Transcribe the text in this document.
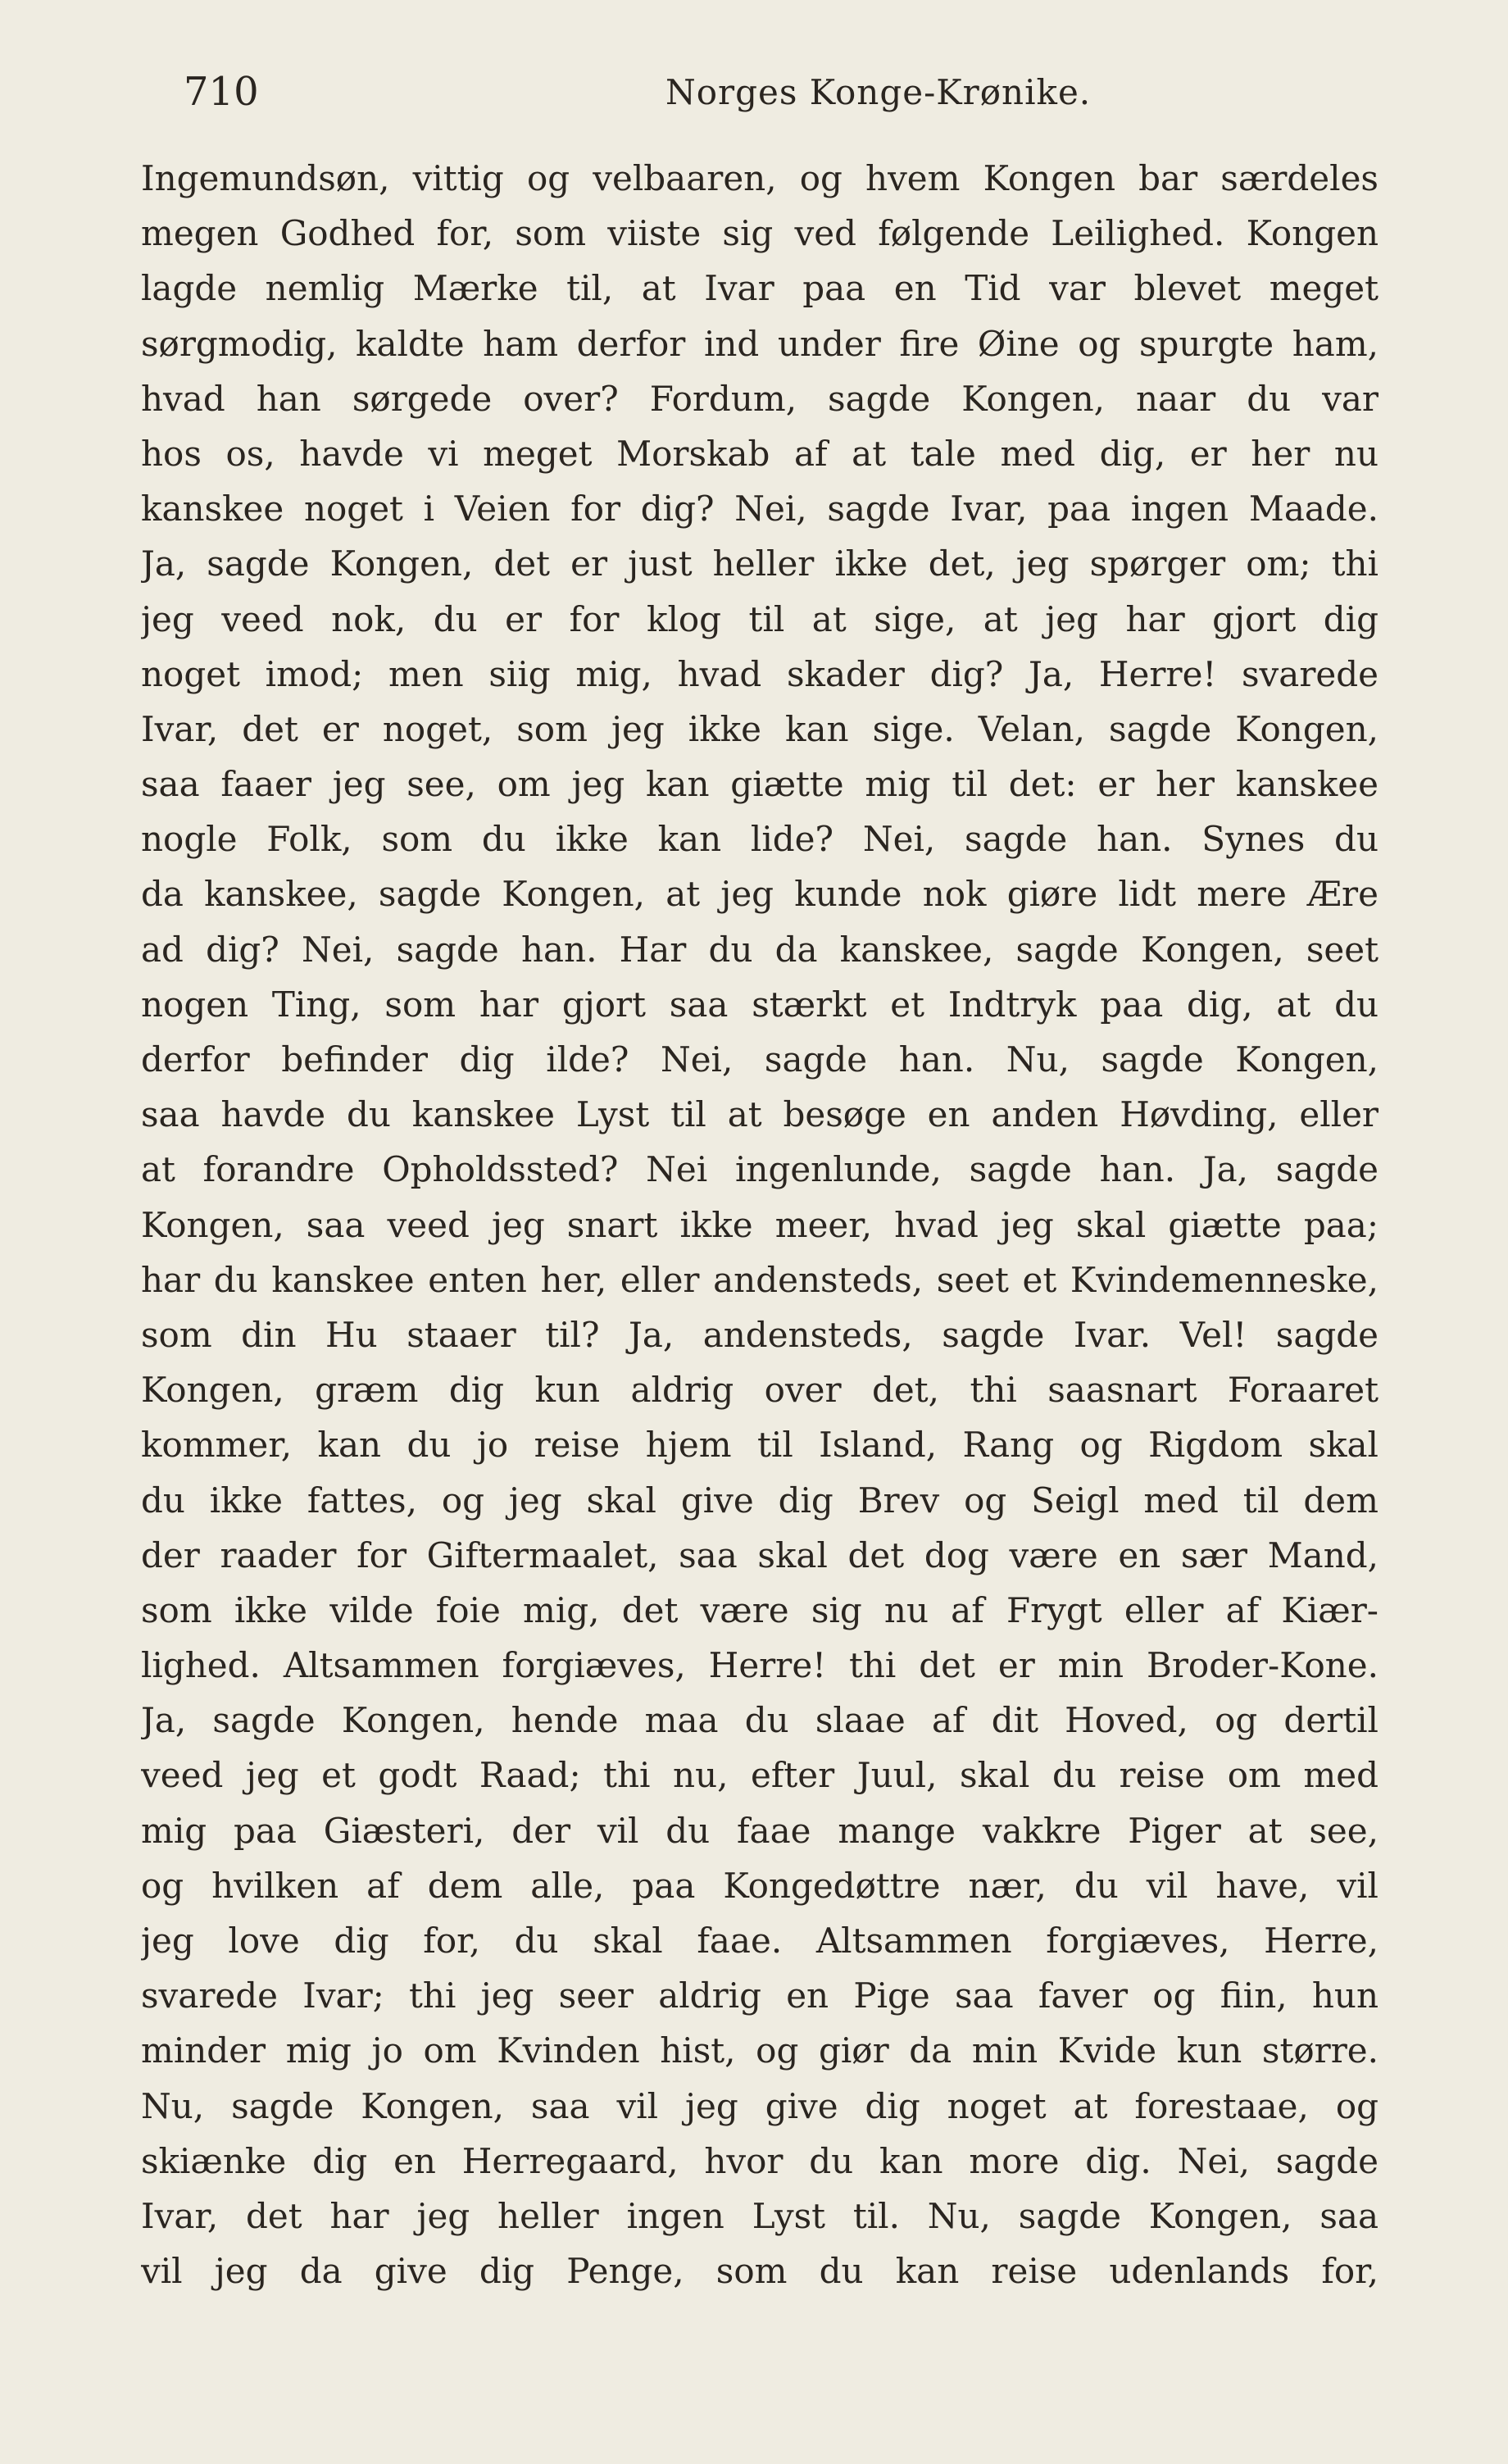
710	Norges Konge-Krønike.
Ingemundsøn, vittig og velbaaren, og hvem Kongen bar særdeles
megen Godhed for, som viiste sig ved følgende Leilighed. Kongen
lagde nemlig Mærke til, at Ivar paa en Tid var blevet meget
sørgmodig, kaldte ham derfor ind under fire Øine og spurgte ham,
hvad han sørgede over? Fordum, sagde Kongen, naar du var
hos os, havde vi meget Morskab af at tale med dig, er her nu
kanskee noget i Veien for dig? Nei, sagde Ivar, paa ingen Maade.
Ja, sagde Kongen, det er just heller ikke det, jeg spørger om; thi
jeg veed nok, du er for klog til at sige, at jeg har gjort dig
noget imod; men siig mig, hvad skader dig? Ja, Herre! svarede
Ivar, det er noget, som jeg ikke kan sige. Velan, sagde Kongen,
saa faaer jeg see, om jeg kan giætte mig til det: er her kanskee
nogle Folk, som du ikke kan lide? Nei, sagde han. Synes du
da kanskee, sagde Kongen, at jeg kunde nok giøre lidt mere Ære
ad dig? Nei, sagde han. Har du da kanskee, sagde Kongen, seet
nogen Ting, som har gjort saa stærkt et Indtryk paa dig, at du
derfor befinder dig ilde? Nei, sagde han. Nu, sagde Kongen,
saa havde du kanskee Lyst til at besøge en anden Høvding, eller
at forandre Opholdssted? Nei ingenlunde, sagde han. Ja, sagde
Kongen, saa veed jeg snart ikke meer, hvad jeg skal giætte paa;
har du kanskee enten her, eller andensteds, seet et Kvindemenneske,
som din Hu staaer til? Ja, andensteds, sagde Ivar. Vel! sagde
Kongen, græm dig kun aldrig over det, thi saasnart Foraaret
kommer, kan du jo reise hjem til Island, Rang og Rigdom skal
du ikke fattes, og jeg skal give dig Brev og Seigl med til dem
der raader for Giftermaalet, saa skal det dog være en sær Mand,
som ikke vilde foie mig, det være sig nu af Frygt eller af Kiær-
lighed. Altsammen forgiæves, Herre! thi det er min Broder-Kone.
Ja, sagde Kongen, hende maa du slaae af dit Hoved, og dertil
veed jeg et godt Raad; thi nu, efter Juul, skal du reise om med
mig paa Giæsteri, der vil du faae mange vakkre Piger at see,
og hvilken af dem alle, paa Kongedøttre nær, du vil have, vil
jeg love dig for, du skal faae. Altsammen forgiæves, Herre,
svarede Ivar; thi jeg seer aldrig en Pige saa faver og fiin, hun
minder mig jo om Kvinden hist, og giør da min Kvide kun større.
Nu, sagde Kongen, saa vil jeg give dig noget at forestaae, og
skiænke dig en Herregaard, hvor du kan more dig. Nei, sagde
Ivar, det har jeg heller ingen Lyst til. Nu, sagde Kongen, saa
vil jeg da give dig Penge, som du kan reise udenlands for,
